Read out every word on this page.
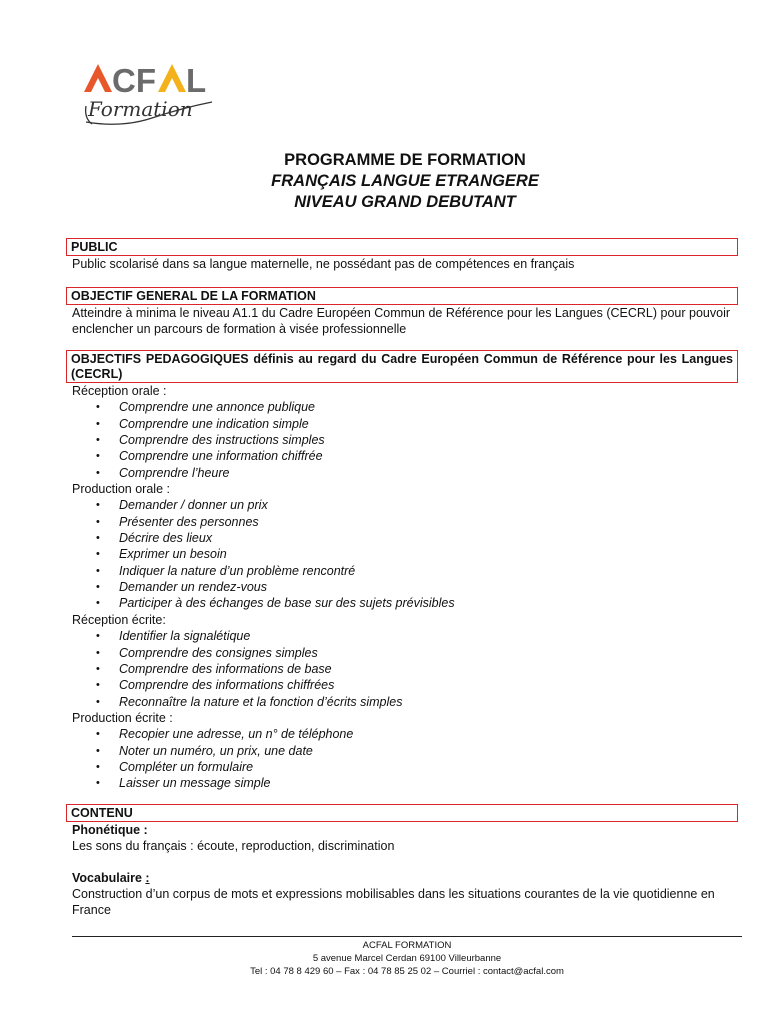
CF L
Formation
PROGRAMME DE FORMATION
FRANÇAIS LANGUE ETRANGERE
NIVEAU GRAND DEBUTANT
PUBLIC
Public scolarisé dans sa langue maternelle, ne possédant pas de compétences en français
OBJECTIF GENERAL DE LA FORMATION
Atteindre à minima le niveau A1.1 du Cadre Européen Commun de Référence pour les Langues (CECRL) pour pouvoir enclencher un parcours de formation à visée professionnelle
OBJECTIFS PEDAGOGIQUES définis au regard du Cadre Européen Commun de Référence pour les Langues (CECRL)
Réception orale :
• Comprendre une annonce publique
• Comprendre une indication simple
• Comprendre des instructions simples
• Comprendre une information chiffrée
• Comprendre l’heure
Production orale :
• Demander / donner un prix
• Présenter des personnes
• Décrire des lieux
• Exprimer un besoin
• Indiquer la nature d’un problème rencontré
• Demander un rendez-vous
• Participer à des échanges de base sur des sujets prévisibles
Réception écrite:
• Identifier la signalétique
• Comprendre des consignes simples
• Comprendre des informations de base
• Comprendre des informations chiffrées
• Reconnaître la nature et la fonction d’écrits simples
Production écrite :
• Recopier une adresse, un n° de téléphone
• Noter un numéro, un prix, une date
• Compléter un formulaire
• Laisser un message simple
CONTENU
Phonétique :
Les sons du français : écoute, reproduction, discrimination
Vocabulaire :
Construction d’un corpus de mots et expressions mobilisables dans les situations courantes de la vie quotidienne en France
ACFAL FORMATION
5 avenue Marcel Cerdan 69100 Villeurbanne
Tel : 04 78 8 429 60 – Fax : 04 78 85 25 02 – Courriel : contact@acfal.com
